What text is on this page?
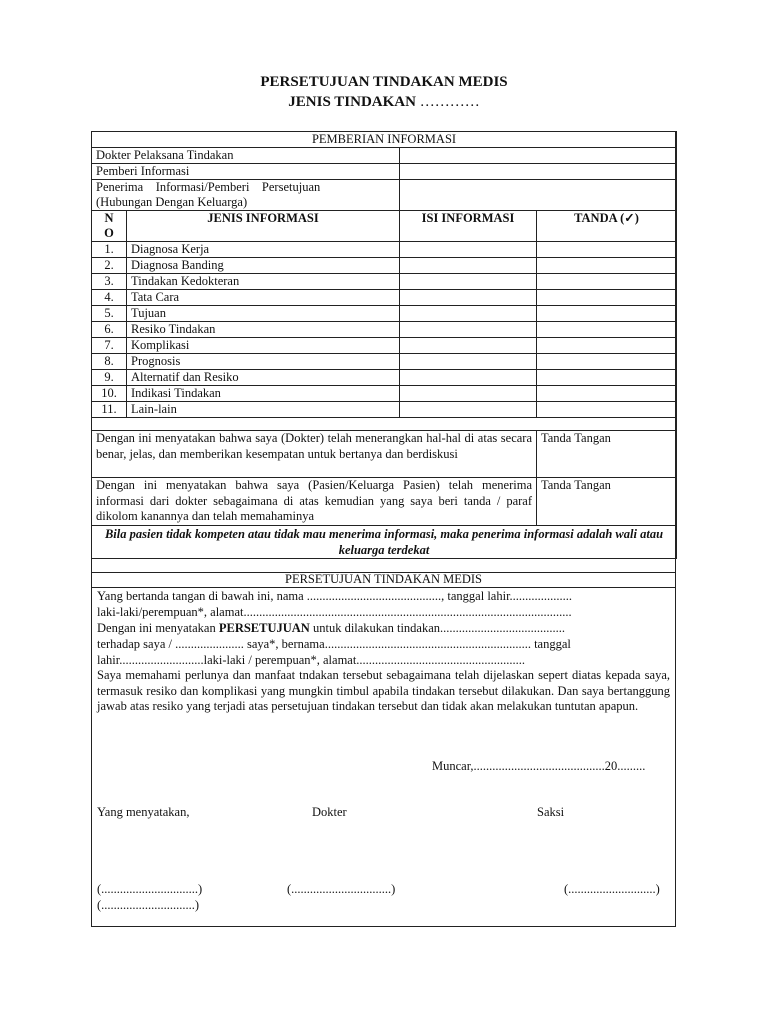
PERSETUJUAN TINDAKAN MEDIS
JENIS TINDAKAN …………
PEMBERIAN INFORMASI			
Dokter Pelaksana Tindakan			
Pemberi Informasi			

Penerima    Informasi/Pemberi    Persetujuan
(Hubungan Dengan Keluarga)			

NO	JENIS INFORMASI	ISI INFORMASI	TANDA (✓)
1.	Diagnosa Kerja		
2.	Diagnosa Banding		
3.	Tindakan Kedokteran		
4.	Tata Cara		
5.	Tujuan		
6.	Resiko Tindakan		
7.	Komplikasi		
8.	Prognosis		
9.	Alternatif dan Resiko		
10.	Indikasi Tindakan		
11.	Lain-lain		

Dengan ini menyatakan bahwa saya (Dokter) telah menerangkan hal-hal di atas secara benar, jelas, dan memberikan kesempatan untuk bertanya dan berdiskusi			Tanda Tangan
Dengan ini menyatakan bahwa saya (Pasien/Keluarga Pasien) telah menerima informasi dari dokter sebagaimana di atas kemudian yang saya beri tanda / paraf dikolom kanannya dan telah memahaminya			Tanda Tangan
Bila pasien tidak kompeten atau tidak mau menerima informasi, maka penerima informasi adalah wali atau keluarga terdekat			
PERSETUJUAN TINDAKAN MEDIS
Yang bertanda tangan di bawah ini, nama ..........................................., tanggal lahir....................
laki-laki/perempuan*, alamat.........................................................................................................
Dengan ini menyatakan PERSETUJUAN untuk dilakukan tindakan........................................
terhadap saya / ...................... saya*, bernama.................................................................. tanggal
lahir...........................laki-laki / perempuan*, alamat......................................................
Saya memahami perlunya dan manfaat tndakan tersebut sebagaimana telah dijelaskan sepert diatas kepada saya, termasuk resiko dan komplikasi yang mungkin timbul apabila tindakan tersebut dilakukan. Dan saya bertanggung jawab atas resiko yang terjadi atas persetujuan tindakan tersebut dan tidak akan melakukan tuntutan apapun.
Muncar,..........................................20.........
Yang menyatakan,	Dokter	Saksi
(...............................)	(................................)	(............................)
(..............................)
